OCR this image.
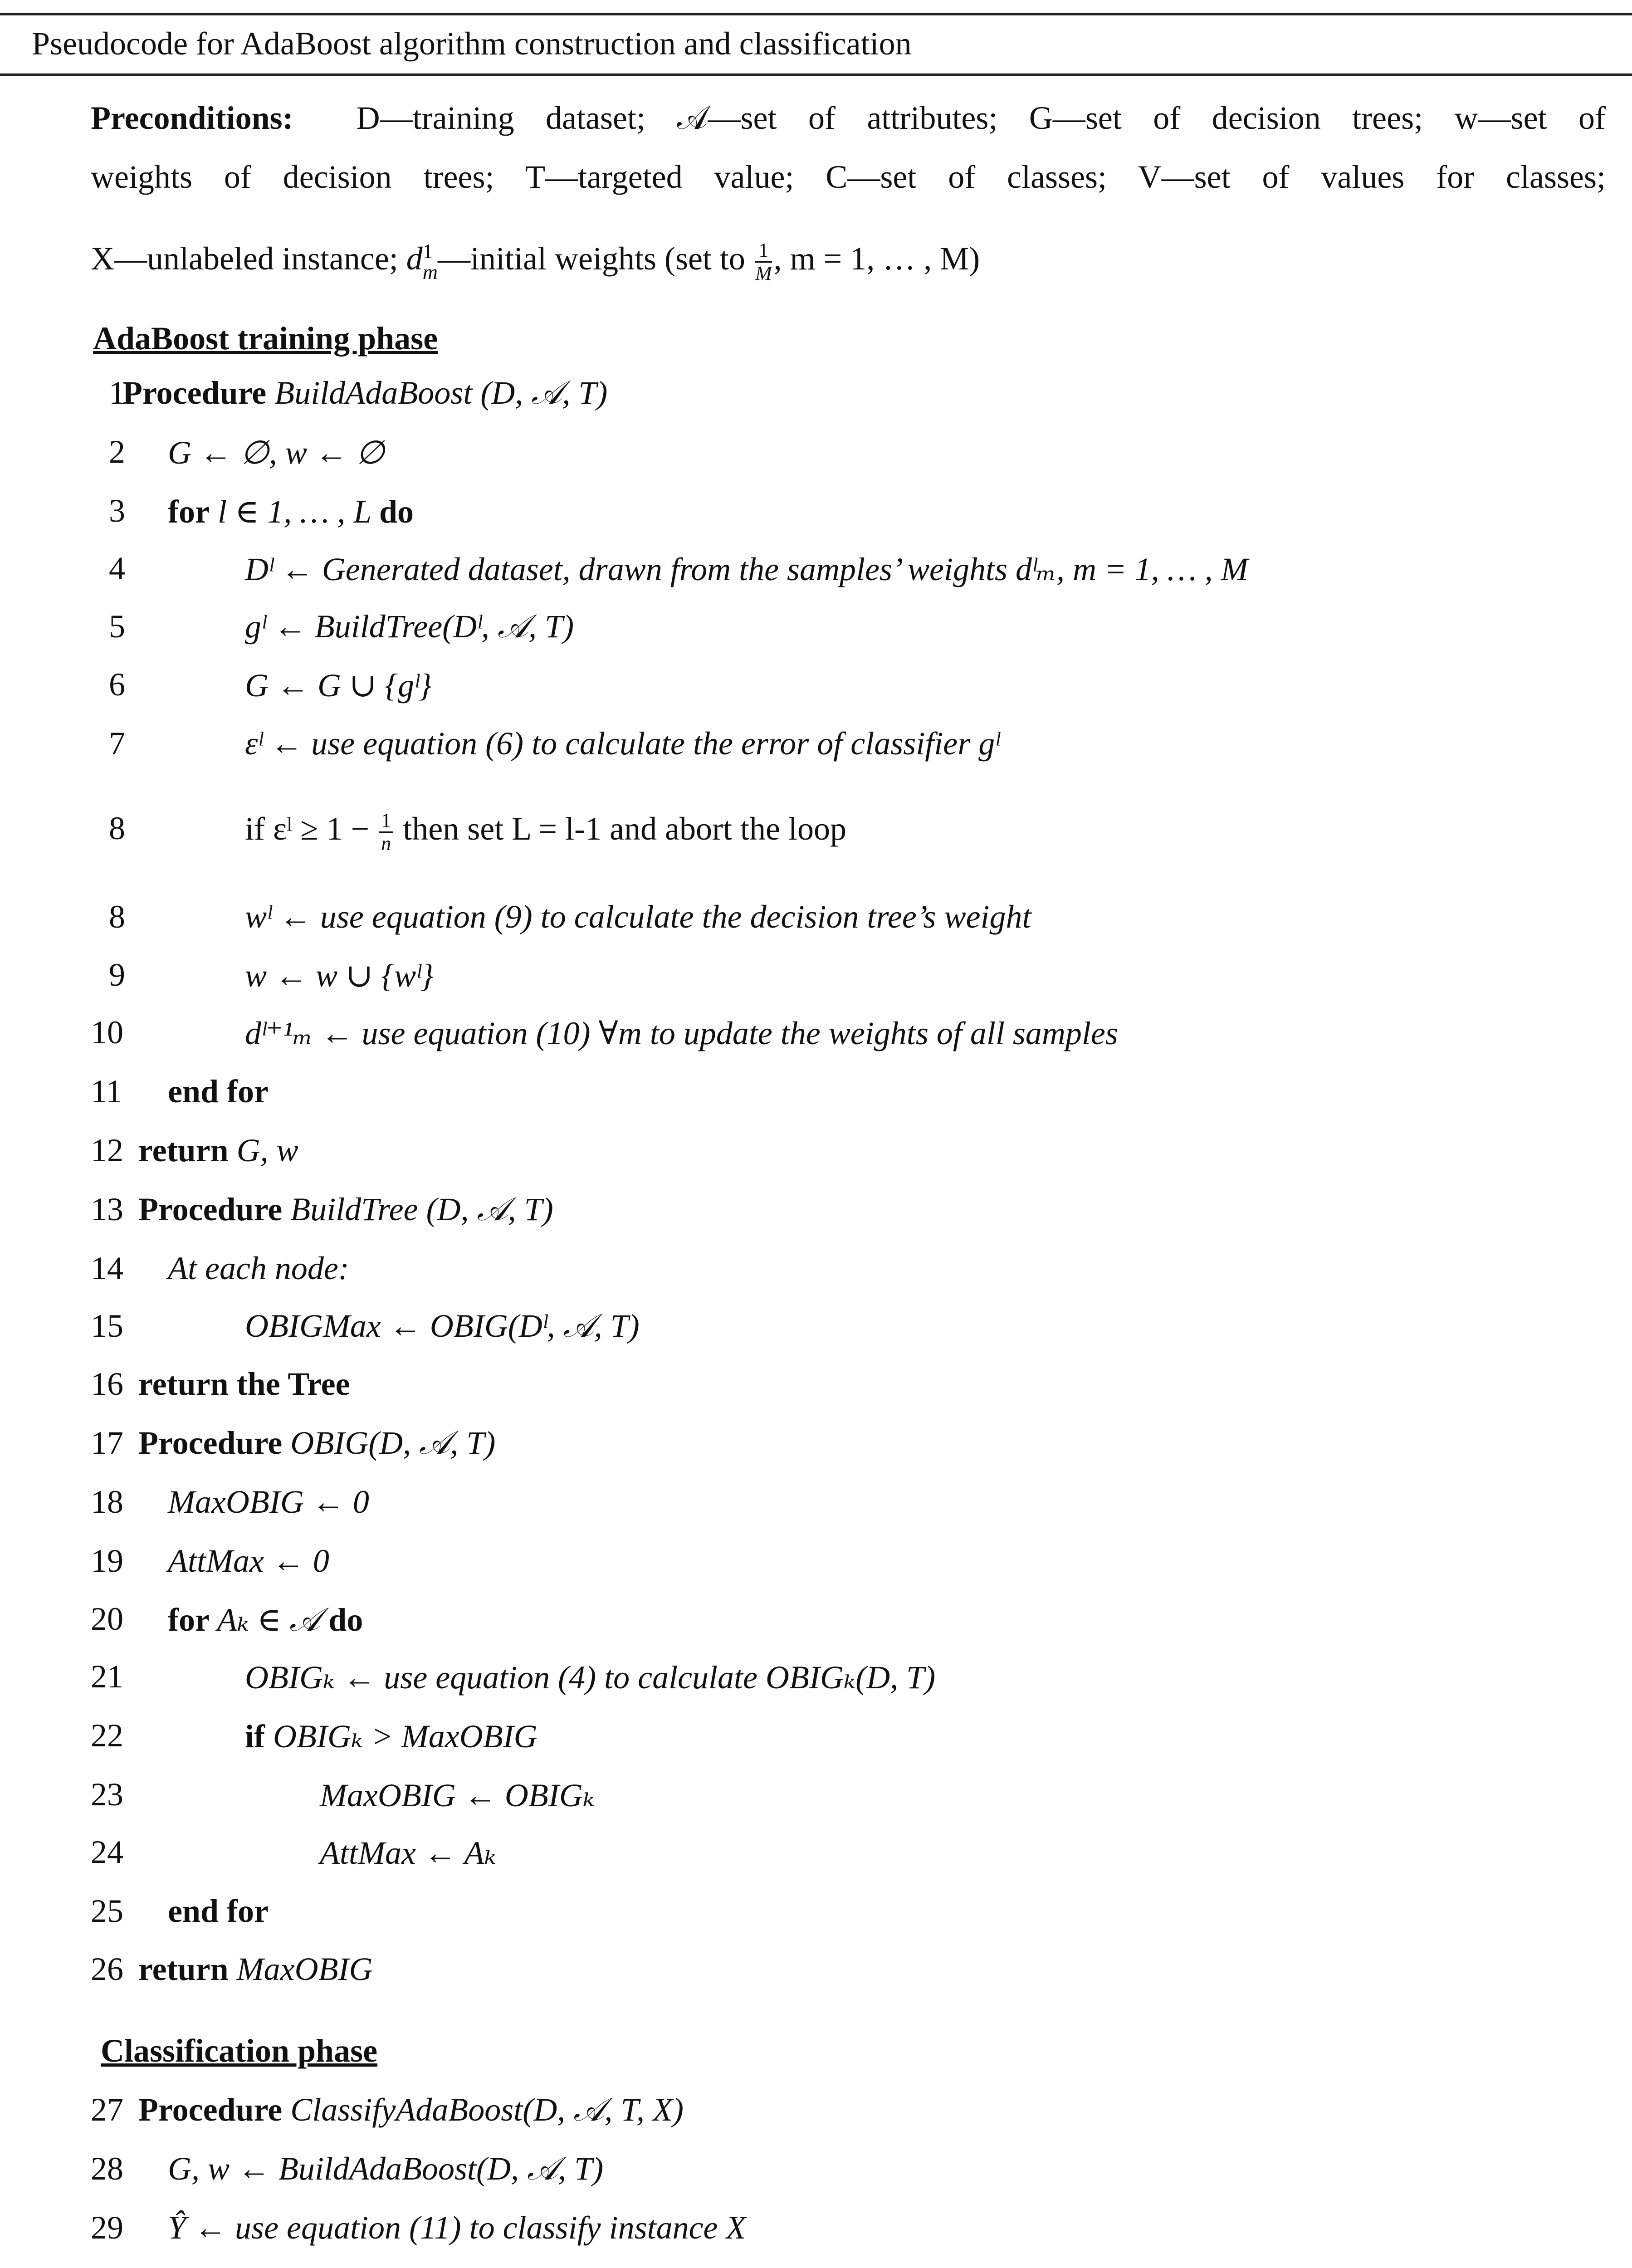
Pseudocode for AdaBoost algorithm construction and classification
Preconditions: D—training dataset; 𝒜—set of attributes; G—set of decision trees; w—set of
weights of decision trees; T—targeted value; C—set of classes; V—set of values for classes;
X—unlabeled instance; d 1
m —initial weights (set to $\frac{1}{M}$ , m = 1, … , M)
AdaBoost training phase
1
Procedure BuildAdaBoost (D, 𝒜, T)
2 G ← ∅, w ← ∅
3 for l ∈ 1, … , L do
4	Dˡ ← Generated dataset, drawn from the samples’ weights dˡₘ, m = 1, … , M
5	gˡ ← BuildTree(Dˡ, 𝒜, T)
6	G ← G ∪ {gˡ}
7	εˡ ← use equation (6) to calculate the error of classifier gˡ
8	if εˡ ≥ $1 - \frac{1}{n}$ then set L = l-1 and abort the loop
8	wˡ ← use equation (9) to calculate the decision tree’s weight
9	w ← w ∪ {wˡ}
10	dˡ⁺¹ₘ ← use equation (10) ∀m to update the weights of all samples
11 end for
12 return G, w
13 Procedure BuildTree (D, 𝒜, T)
14 At each node:
15	OBIGMax ← OBIG(Dˡ, 𝒜, T)
16 return the Tree
17 Procedure OBIG(D, 𝒜, T)
18 MaxOBIG ← 0
19 AttMax ← 0
20 for Aₖ ∈ 𝒜 do
21	OBIGₖ ← use equation (4) to calculate OBIGₖ(D, T)
22	if OBIGₖ > MaxOBIG
23	MaxOBIG ← OBIGₖ
24	AttMax ← Aₖ
25 end for
26 return MaxOBIG
27 Procedure ClassifyAdaBoost(D, 𝒜, T, X)
28 G, w ← BuildAdaBoost(D, 𝒜, T)
29 Ŷ ← use equation (11) to classify instance X
Classification phase
